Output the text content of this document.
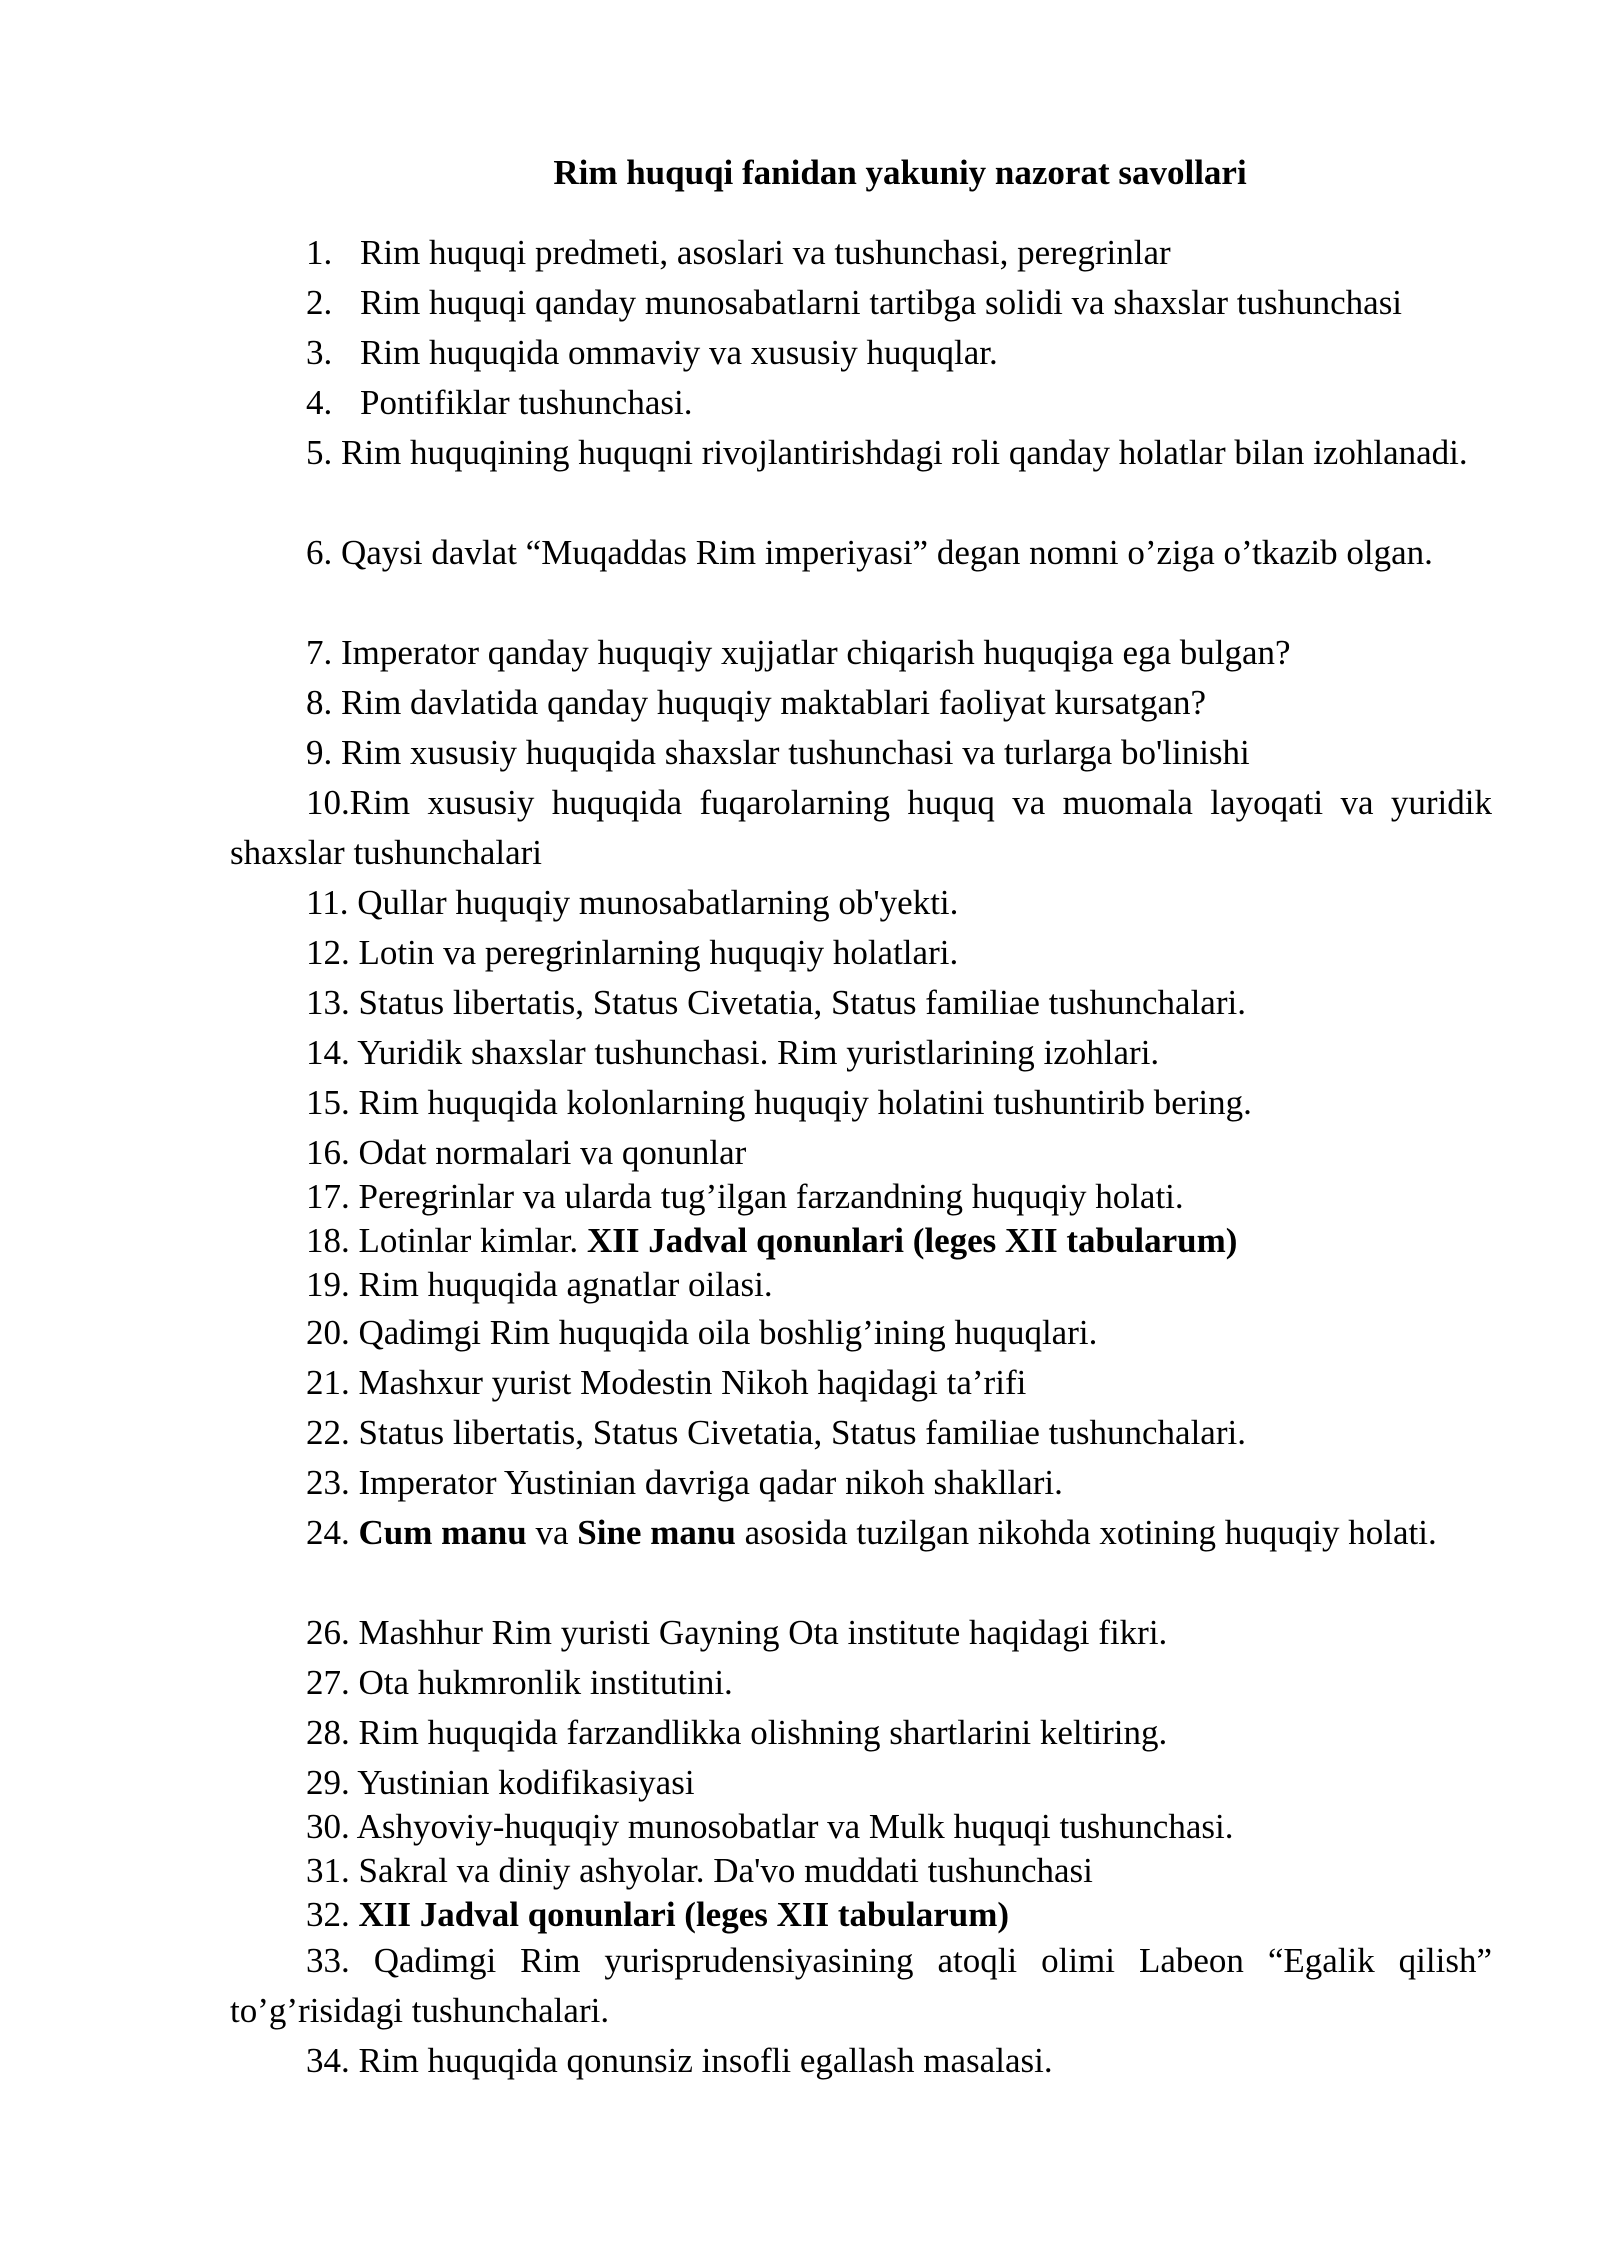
Rim huquqi fanidan yakuniy nazorat savollari
1. Rim huquqi predmeti, asoslari va tushunchasi, peregrinlar
2. Rim huquqi qanday munosabatlarni tartibga solidi va shaxslar tushunchasi
3. Rim huquqida ommaviy va xususiy huquqlar.
4. Pontifiklar tushunchasi.
5. Rim huquqining huquqni rivojlantirishdagi roli qanday holatlar bilan izohlanadi.
6. Qaysi davlat “Muqaddas Rim imperiyasi” degan nomni o’ziga o’tkazib olgan.
7. Imperator qanday huquqiy xujjatlar chiqarish huquqiga ega bulgan?
8. Rim davlatida qanday huquqiy maktablari faoliyat kursatgan?
9. Rim xususiy huquqida shaxslar tushunchasi va turlarga bo'linishi
10.Rim xususiy huquqida fuqarolarning huquq va muomala layoqati va yuridik shaxslar tushunchalari
11. Qullar huquqiy munosabatlarning ob'yekti.
12. Lotin va peregrinlarning huquqiy holatlari.
13. Status libertatis, Status Civetatia, Status familiae tushunchalari.
14. Yuridik shaxslar tushunchasi. Rim yuristlarining izohlari.
15. Rim huquqida kolonlarning huquqiy holatini tushuntirib bering.
16. Odat normalari va qonunlar
17. Peregrinlar va ularda tug’ilgan farzandning huquqiy holati.
18. Lotinlar kimlar. XII Jadval qonunlari (leges XII tabularum)
19. Rim huquqida agnatlar oilasi.
20. Qadimgi Rim huquqida oila boshlig’ining huquqlari.
21. Mashxur yurist Modestin Nikoh haqidagi ta’rifi
22. Status libertatis, Status Civetatia, Status familiae tushunchalari.
23. Imperator Yustinian davriga qadar nikoh shakllari.
24. Cum manu va Sine manu asosida tuzilgan nikohda xotining huquqiy holati.
26. Mashhur Rim yuristi Gayning Ota institute haqidagi fikri.
27. Ota hukmronlik institutini.
28. Rim huquqida farzandlikka olishning shartlarini keltiring.
29. Yustinian kodifikasiyasi
30. Ashyoviy-huquqiy munosobatlar va Mulk huquqi tushunchasi.
31. Sakral va diniy ashyolar. Da'vo muddati tushunchasi
32. XII Jadval qonunlari (leges XII tabularum)
33. Qadimgi Rim yurisprudensiyasining atoqli olimi Labeon “Egalik qilish” to’g’risidagi tushunchalari.
34. Rim huquqida qonunsiz insofli egallash masalasi.
